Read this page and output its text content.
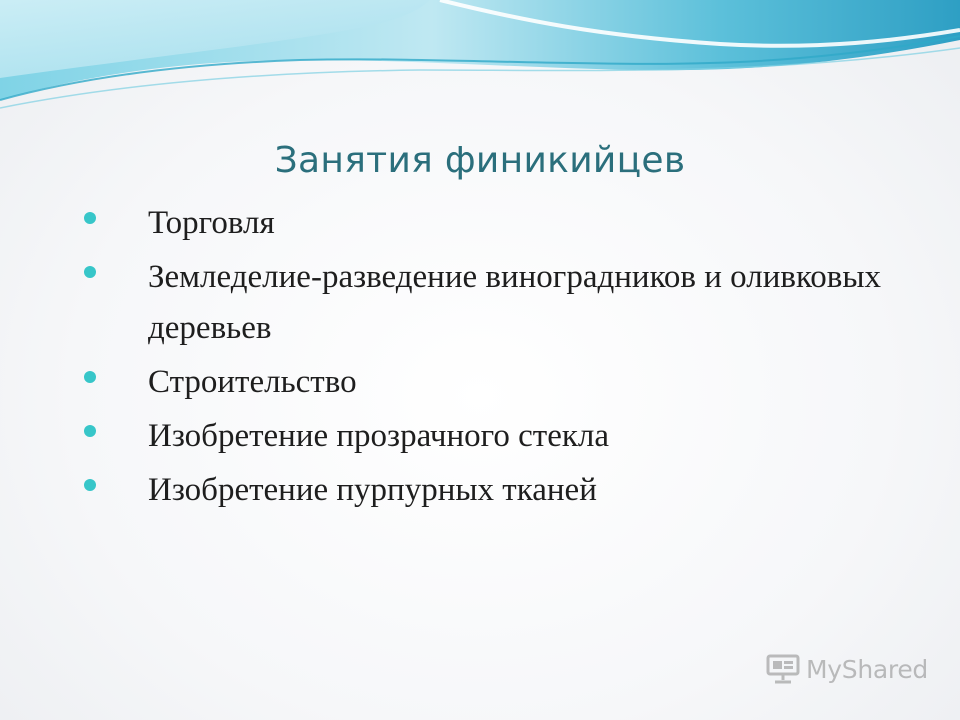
Занятия финикийцев
Торговля
Земледелие-разведение виноградников и оливковых деревьев
Строительство
Изобретение прозрачного стекла
Изобретение пурпурных тканей
MyShared
